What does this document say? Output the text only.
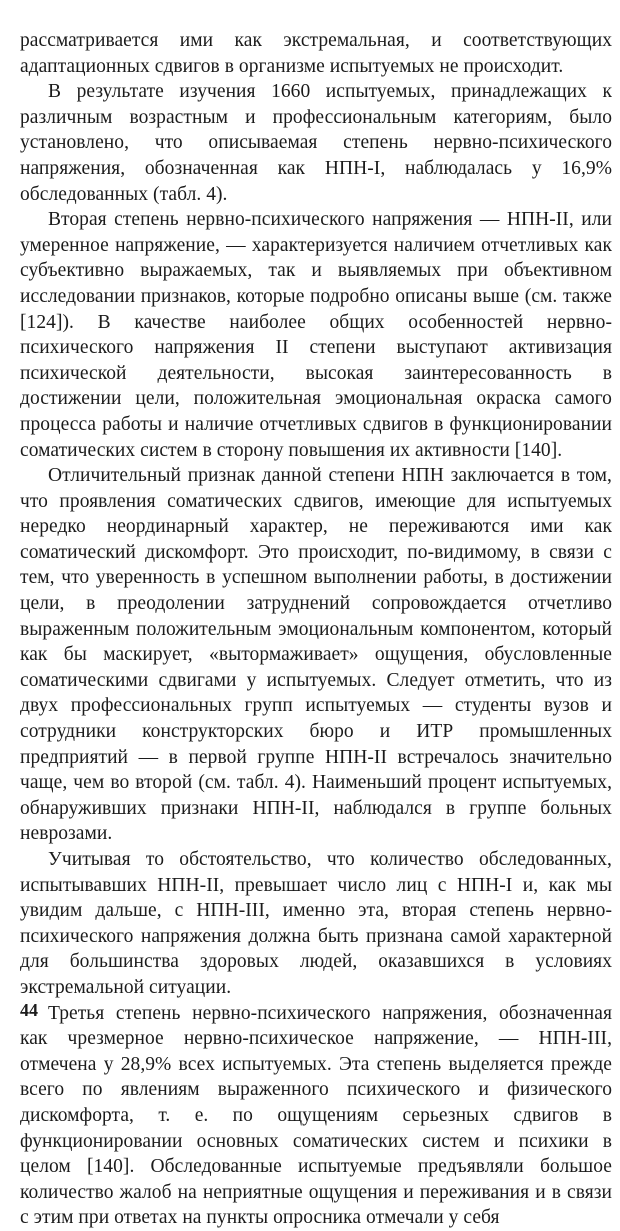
рассматривается ими как экстремальная, и соответствующих адаптационных сдвигов в организме испытуемых не происходит.

В результате изучения 1660 испытуемых, принадлежащих к различным возрастным и профессиональным категориям, было установлено, что описываемая степень нервно-психического напряжения, обозначенная как НПН-I, наблюдалась у 16,9% обследованных (табл. 4).

Вторая степень нервно-психического напряжения — НПН-II, или умеренное напряжение, — характеризуется наличием отчетливых как субъективно выражаемых, так и выявляемых при объективном исследовании признаков, которые подробно описаны выше (см. также [124]). В качестве наиболее общих особенностей нервно-психического напряжения II степени выступают активизация психической деятельности, высокая заинтересованность в достижении цели, положительная эмоциональная окраска самого процесса работы и наличие отчетливых сдвигов в функционировании соматических систем в сторону повышения их активности [140].

Отличительный признак данной степени НПН заключается в том, что проявления соматических сдвигов, имеющие для испытуемых нередко неординарный характер, не переживаются ими как соматический дискомфорт. Это происходит, по-видимому, в связи с тем, что уверенность в успешном выполнении работы, в достижении цели, в преодолении затруднений сопровождается отчетливо выраженным положительным эмоциональным компонентом, который как бы маскирует, «вытормаживает» ощущения, обусловленные соматическими сдвигами у испытуемых. Следует отметить, что из двух профессиональных групп испытуемых — студенты вузов и сотрудники конструкторских бюро и ИТР промышленных предприятий — в первой группе НПН-II встречалось значительно чаще, чем во второй (см. табл. 4). Наименьший процент испытуемых, обнаруживших признаки НПН-II, наблюдался в группе больных неврозами.

Учитывая то обстоятельство, что количество обследованных, испытывавших НПН-II, превышает число лиц с НПН-I и, как мы увидим дальше, с НПН-III, именно эта, вторая степень нервно-психического напряжения должна быть признана самой характерной для большинства здоровых людей, оказавшихся в условиях экстремальной ситуации.

Третья степень нервно-психического напряжения, обозначенная как чрезмерное нервно-психическое напряжение, — НПН-III, отмечена у 28,9% всех испытуемых. Эта степень выделяется прежде всего по явлениям выраженного психического и физического дискомфорта, т. е. по ощущениям серьезных сдвигов в функционировании основных соматических систем и психики в целом [140]. Обследованные испытуемые предъявляли большое количество жалоб на неприятные ощущения и переживания и в связи с этим при ответах на пункты опросника отмечали у себя

44
